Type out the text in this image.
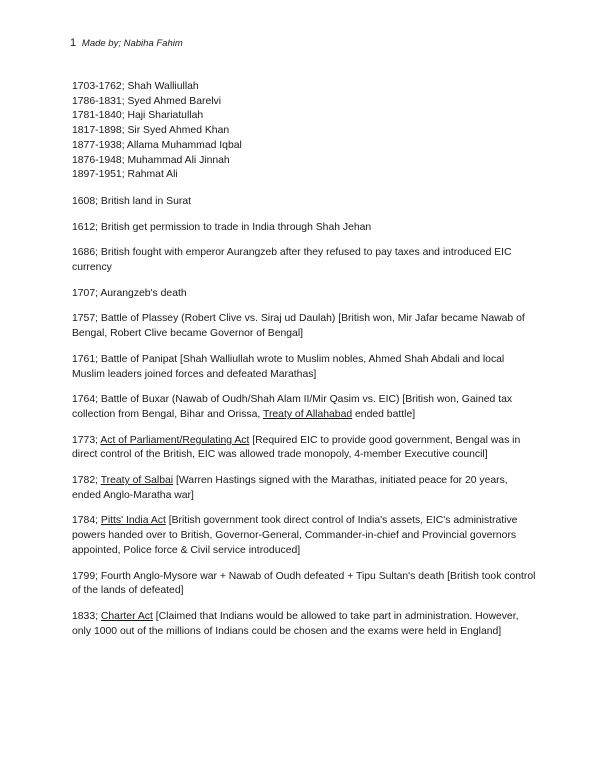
1 Made by; Nabiha Fahim
1703-1762; Shah Walliullah
1786-1831; Syed Ahmed Barelvi
1781-1840; Haji Shariatullah
1817-1898; Sir Syed Ahmed Khan
1877-1938; Allama Muhammad Iqbal
1876-1948; Muhammad Ali Jinnah
1897-1951; Rahmat Ali
1608; British land in Surat
1612; British get permission to trade in India through Shah Jehan
1686; British fought with emperor Aurangzeb after they refused to pay taxes and introduced EIC currency
1707; Aurangzeb's death
1757; Battle of Plassey (Robert Clive vs. Siraj ud Daulah) [British won, Mir Jafar became Nawab of Bengal, Robert Clive became Governor of Bengal]
1761; Battle of Panipat [Shah Walliullah wrote to Muslim nobles, Ahmed Shah Abdali and local Muslim leaders joined forces and defeated Marathas]
1764; Battle of Buxar (Nawab of Oudh/Shah Alam II/Mir Qasim vs. EIC) [British won, Gained tax collection from Bengal, Bihar and Orissa, Treaty of Allahabad ended battle]
1773; Act of Parliament/Regulating Act [Required EIC to provide good government, Bengal was in direct control of the British, EIC was allowed trade monopoly, 4-member Executive council]
1782; Treaty of Salbai [Warren Hastings signed with the Marathas, initiated peace for 20 years, ended Anglo-Maratha war]
1784; Pitts' India Act [British government took direct control of India's assets, EIC's administrative powers handed over to British, Governor-General, Commander-in-chief and Provincial governors appointed, Police force & Civil service introduced]
1799; Fourth Anglo-Mysore war + Nawab of Oudh defeated + Tipu Sultan's death [British took control of the lands of defeated]
1833; Charter Act [Claimed that Indians would be allowed to take part in administration. However, only 1000 out of the millions of Indians could be chosen and the exams were held in England]
